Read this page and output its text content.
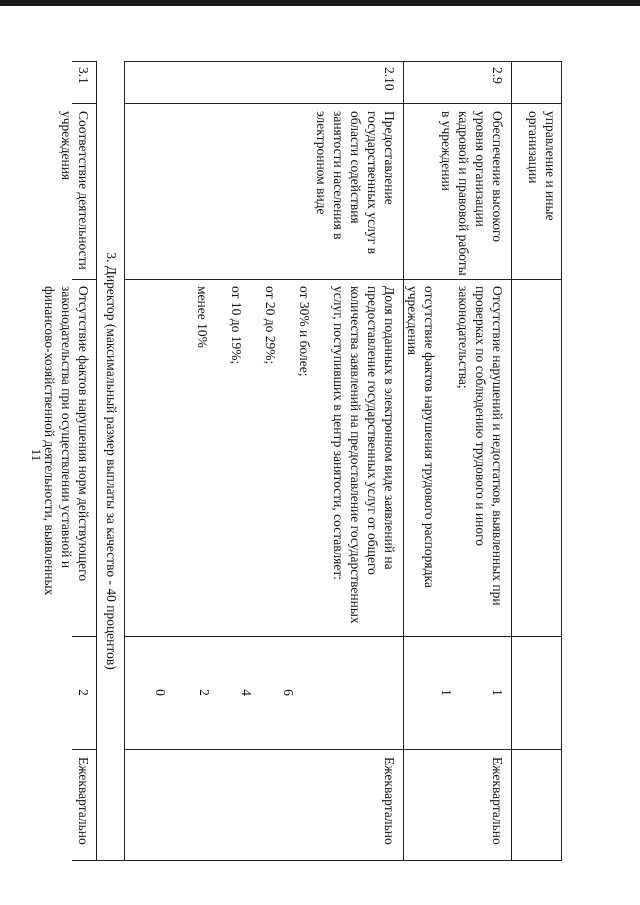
11
управление и иные организации
2.9
Обеспечение высокого уровня организации кадровой и правовой работы в учреждении

Отсутствие нарушений и недостатков, выявленных при проверках по соблюдению трудового и иного законодательства;

отсутствие фактов нарушения трудового распорядка учреждения

1
1
Ежеквартально
2.10
Предоставление государственных услуг в области содействия занятости населения в электронном виде

Доля поданных в электронном виде заявлений на предоставление государственных услуг от общего количества заявлений на предоставление государственных услуг, поступивших в центр занятости, составляет:

от 30% и более;

от 20 до 29%;

от 10 до 19%;

менее 10%

6
4
2
0
Ежеквартально
3. Директор (максимальный размер выплаты за качество - 40 процентов)
3.1
Соответствие деятельности учреждения
Отсутствие фактов нарушения норм действующего законодательства при осуществлении уставной и финансово-хозяйственной деятельности, выявленных
2
Ежеквартально
